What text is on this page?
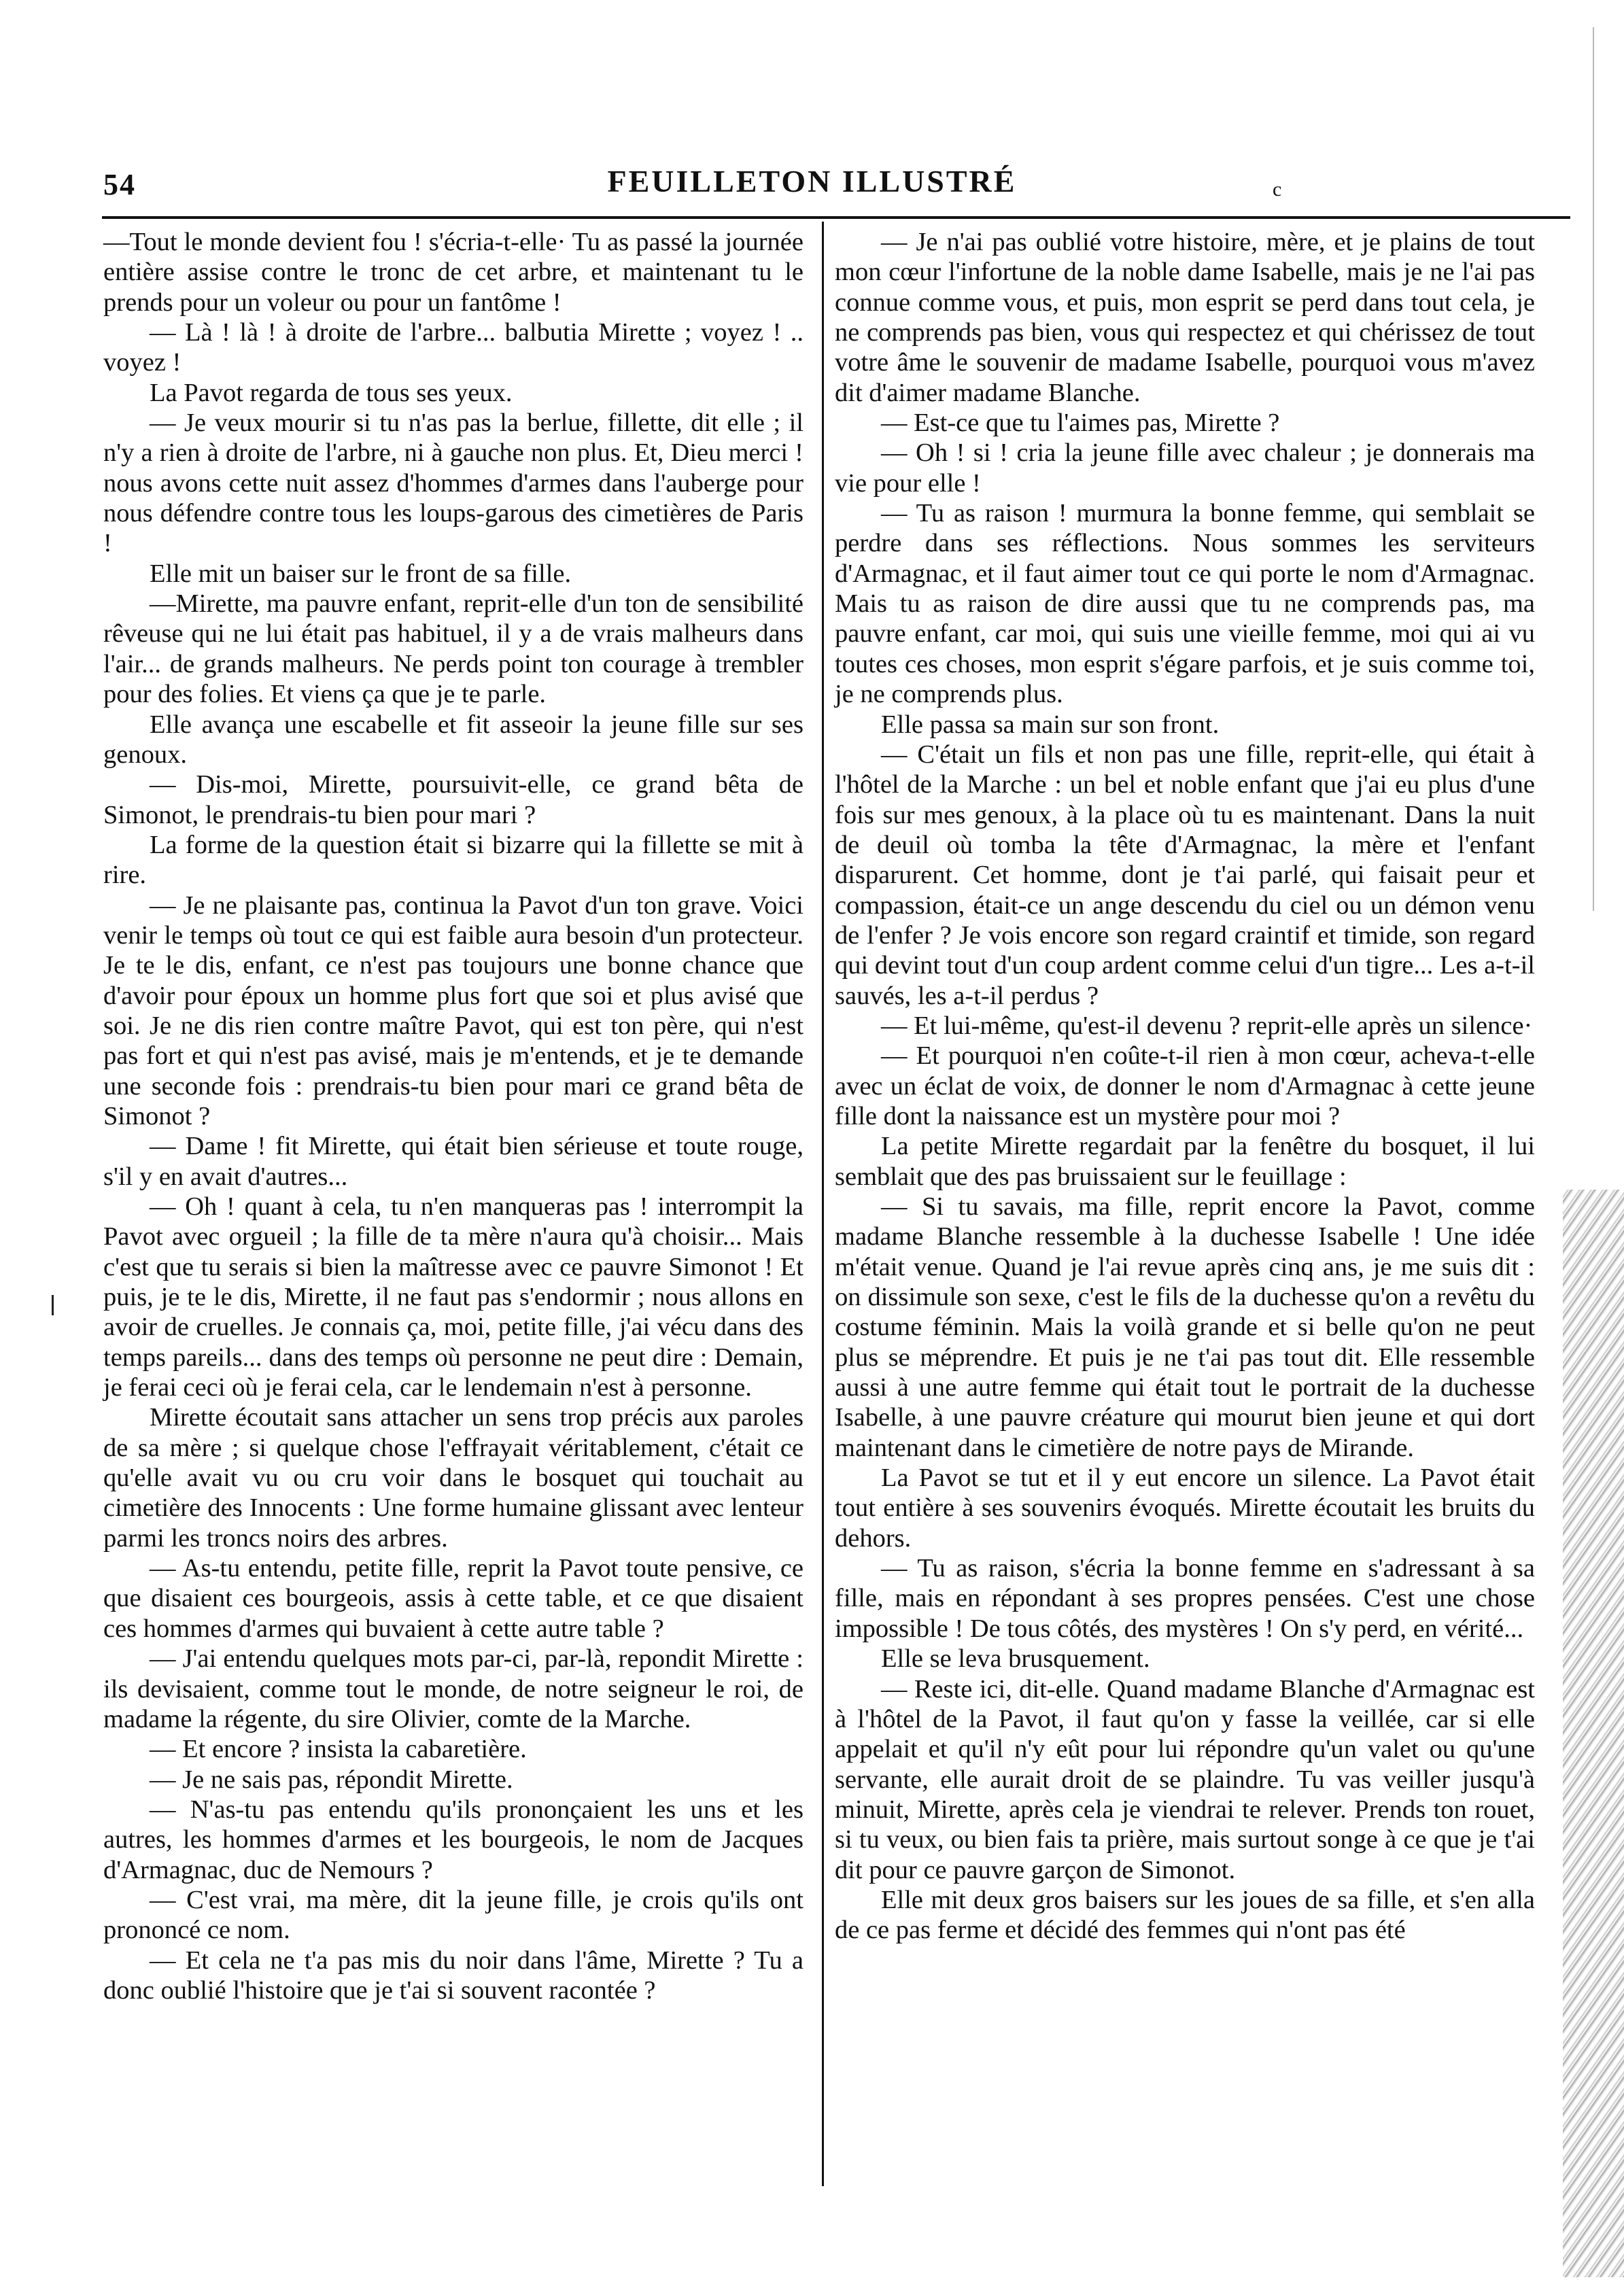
54	FEUILLETON ILLUSTRÉ	c

—Tout le monde devient fou ! s'écria-t-elle· Tu as passé la journée entière assise contre le tronc de cet arbre, et maintenant tu le prends pour un voleur ou pour un fantôme !

— Là ! là ! à droite de l'arbre... balbutia Mirette ; voyez ! .. voyez !

La Pavot regarda de tous ses yeux.

— Je veux mourir si tu n'as pas la berlue, fillette, dit elle ; il n'y a rien à droite de l'arbre, ni à gauche non plus. Et, Dieu merci ! nous avons cette nuit assez d'hommes d'armes dans l'auberge pour nous défendre contre tous les loups-garous des cimetières de Paris !

Elle mit un baiser sur le front de sa fille.

—Mirette, ma pauvre enfant, reprit-elle d'un ton de sensibilité rêveuse qui ne lui était pas habituel, il y a de vrais malheurs dans l'air... de grands malheurs. Ne perds point ton courage à trembler pour des folies. Et viens ça que je te parle.

Elle avança une escabelle et fit asseoir la jeune fille sur ses genoux.

— Dis-moi, Mirette, poursuivit-elle, ce grand bêta de Simonot, le prendrais-tu bien pour mari ?

La forme de la question était si bizarre qui la fillette se mit à rire.

— Je ne plaisante pas, continua la Pavot d'un ton grave. Voici venir le temps où tout ce qui est faible aura besoin d'un protecteur. Je te le dis, enfant, ce n'est pas toujours une bonne chance que d'avoir pour époux un homme plus fort que soi et plus avisé que soi. Je ne dis rien contre maître Pavot, qui est ton père, qui n'est pas fort et qui n'est pas avisé, mais je m'entends, et je te demande une seconde fois : prendrais-tu bien pour mari ce grand bêta de Simonot ?

— Dame ! fit Mirette, qui était bien sérieuse et toute rouge, s'il y en avait d'autres...

— Oh ! quant à cela, tu n'en manqueras pas ! interrompit la Pavot avec orgueil ; la fille de ta mère n'aura qu'à choisir... Mais c'est que tu serais si bien la maîtresse avec ce pauvre Simonot ! Et puis, je te le dis, Mirette, il ne faut pas s'endormir ; nous allons en avoir de cruelles. Je connais ça, moi, petite fille, j'ai vécu dans des temps pareils... dans des temps où personne ne peut dire : Demain, je ferai ceci où je ferai cela, car le lendemain n'est à personne.

Mirette écoutait sans attacher un sens trop précis aux paroles de sa mère ; si quelque chose l'effrayait véritablement, c'était ce qu'elle avait vu ou cru voir dans le bosquet qui touchait au cimetière des Innocents : Une forme humaine glissant avec lenteur parmi les troncs noirs des arbres.

— As-tu entendu, petite fille, reprit la Pavot toute pensive, ce que disaient ces bourgeois, assis à cette table, et ce que disaient ces hommes d'armes qui buvaient à cette autre table ?

— J'ai entendu quelques mots par-ci, par-là, repondit Mirette : ils devisaient, comme tout le monde, de notre seigneur le roi, de madame la régente, du sire Olivier, comte de la Marche.

— Et encore ? insista la cabaretière.

— Je ne sais pas, répondit Mirette.

— N'as-tu pas entendu qu'ils prononçaient les uns et les autres, les hommes d'armes et les bourgeois, le nom de Jacques d'Armagnac, duc de Nemours ?

— C'est vrai, ma mère, dit la jeune fille, je crois qu'ils ont prononcé ce nom.

— Et cela ne t'a pas mis du noir dans l'âme, Mirette ? Tu a donc oublié l'histoire que je t'ai si souvent racontée ?

— Je n'ai pas oublié votre histoire, mère, et je plains de tout mon cœur l'infortune de la noble dame Isabelle, mais je ne l'ai pas connue comme vous, et puis, mon esprit se perd dans tout cela, je ne comprends pas bien, vous qui respectez et qui chérissez de tout votre âme le souvenir de madame Isabelle, pourquoi vous m'avez dit d'aimer madame Blanche.

— Est-ce que tu l'aimes pas, Mirette ?

— Oh ! si ! cria la jeune fille avec chaleur ; je donnerais ma vie pour elle !

— Tu as raison ! murmura la bonne femme, qui semblait se perdre dans ses réflections. Nous sommes les serviteurs d'Armagnac, et il faut aimer tout ce qui porte le nom d'Armagnac. Mais tu as raison de dire aussi que tu ne comprends pas, ma pauvre enfant, car moi, qui suis une vieille femme, moi qui ai vu toutes ces choses, mon esprit s'égare parfois, et je suis comme toi, je ne comprends plus.

Elle passa sa main sur son front.

— C'était un fils et non pas une fille, reprit-elle, qui était à l'hôtel de la Marche : un bel et noble enfant que j'ai eu plus d'une fois sur mes genoux, à la place où tu es maintenant. Dans la nuit de deuil où tomba la tête d'Armagnac, la mère et l'enfant disparurent. Cet homme, dont je t'ai parlé, qui faisait peur et compassion, était-ce un ange descendu du ciel ou un démon venu de l'enfer ? Je vois encore son regard craintif et timide, son regard qui devint tout d'un coup ardent comme celui d'un tigre... Les a-t-il sauvés, les a-t-il perdus ?

— Et lui-même, qu'est-il devenu ? reprit-elle après un silence·

— Et pourquoi n'en coûte-t-il rien à mon cœur, acheva-t-elle avec un éclat de voix, de donner le nom d'Armagnac à cette jeune fille dont la naissance est un mystère pour moi ?

La petite Mirette regardait par la fenêtre du bosquet, il lui semblait que des pas bruissaient sur le feuillage :

— Si tu savais, ma fille, reprit encore la Pavot, comme madame Blanche ressemble à la duchesse Isabelle ! Une idée m'était venue. Quand je l'ai revue après cinq ans, je me suis dit : on dissimule son sexe, c'est le fils de la duchesse qu'on a revêtu du costume féminin. Mais la voilà grande et si belle qu'on ne peut plus se méprendre. Et puis je ne t'ai pas tout dit. Elle ressemble aussi à une autre femme qui était tout le portrait de la duchesse Isabelle, à une pauvre créature qui mourut bien jeune et qui dort maintenant dans le cimetière de notre pays de Mirande.

La Pavot se tut et il y eut encore un silence. La Pavot était tout entière à ses souvenirs évoqués. Mirette écoutait les bruits du dehors.

— Tu as raison, s'écria la bonne femme en s'adressant à sa fille, mais en répondant à ses propres pensées. C'est une chose impossible ! De tous côtés, des mystères ! On s'y perd, en vérité...

Elle se leva brusquement.

— Reste ici, dit-elle. Quand madame Blanche d'Armagnac est à l'hôtel de la Pavot, il faut qu'on y fasse la veillée, car si elle appelait et qu'il n'y eût pour lui répondre qu'un valet ou qu'une servante, elle aurait droit de se plaindre. Tu vas veiller jusqu'à minuit, Mirette, après cela je viendrai te relever. Prends ton rouet, si tu veux, ou bien fais ta prière, mais surtout songe à ce que je t'ai dit pour ce pauvre garçon de Simonot.

Elle mit deux gros baisers sur les joues de sa fille, et s'en alla de ce pas ferme et décidé des femmes qui n'ont pas été
